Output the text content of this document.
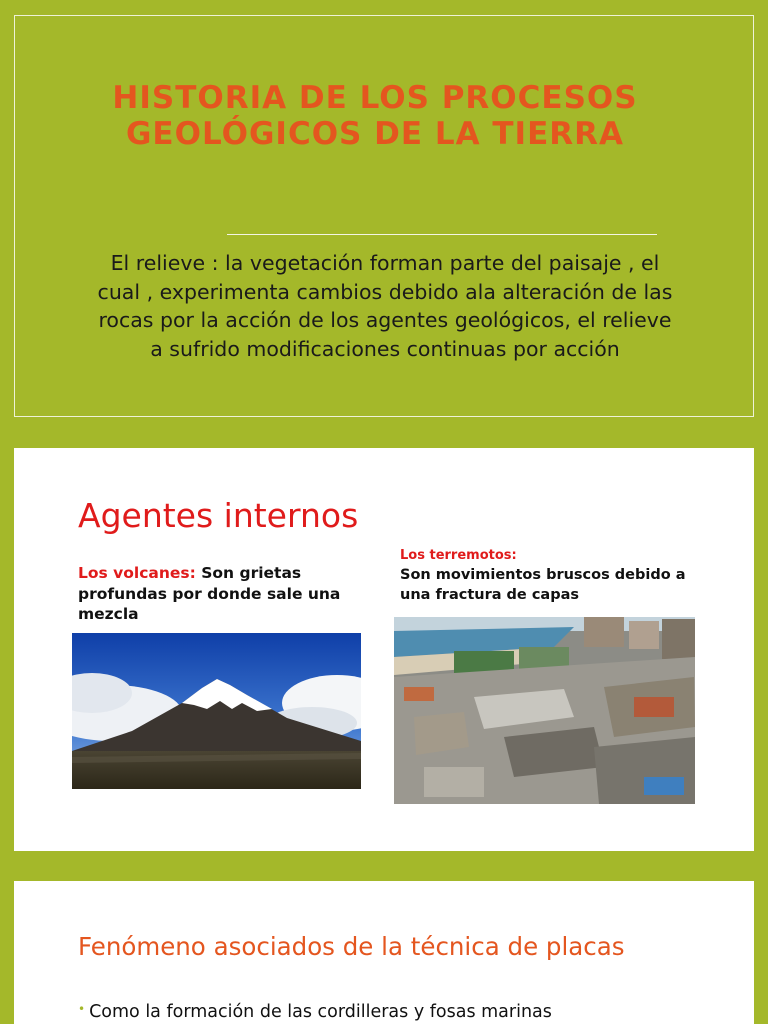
HISTORIA DE LOS PROCESOS GEOLÓGICOS DE LA TIERRA

El relieve : la vegetación forman parte del paisaje , el cual , experimenta cambios debido ala alteración de las rocas por la acción de los agentes geológicos, el relieve a sufrido modificaciones continuas por acción

Agentes internos
Los volcanes: Son grietas profundas por donde sale una mezcla
Los terremotos:
Son movimientos bruscos debido a una fractura de capas
Fenómeno asociados de la técnica de placas
• Como la formación de las cordilleras y fosas marinas
